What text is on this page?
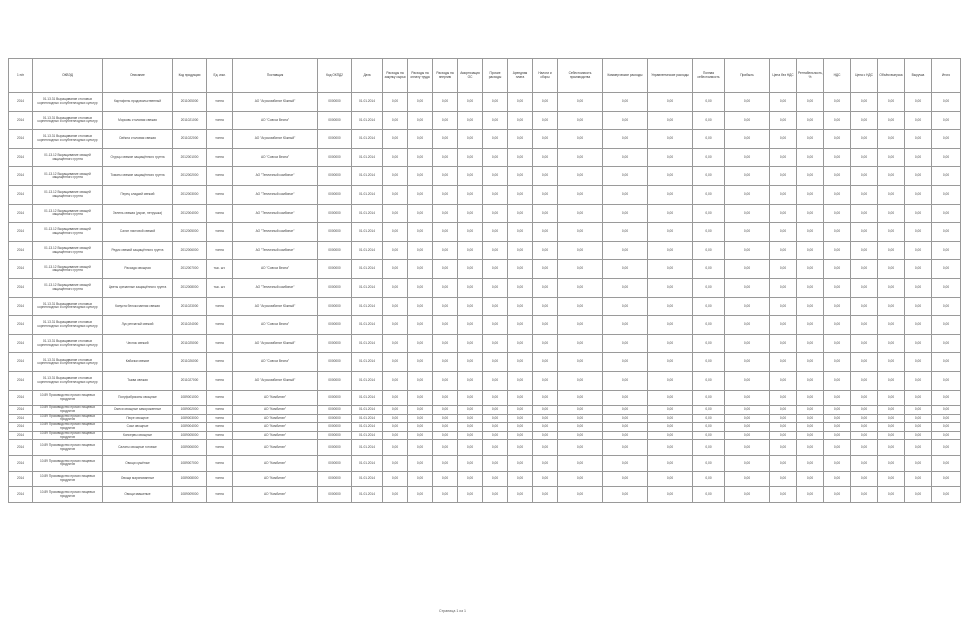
1 п/п	ОКВЭД	Описание	Код продукции	Ед. изм.	Поставщик	Код ОКПД2	Дата	Расходы на закупку сырья	Расходы на оплату труда	Расходы на энергию	Амортизация ОС	Прочие расходы	Арендная плата	Налоги и сборы	Себестоимость производства	Коммерческие расходы	Управленческие расходы	Полная себестоимость	Прибыль	Цена без НДС	Рентабельность, %	НДС	Цена с НДС	Объём выпуска	Выручка	Итого
2014	01.13.31 Выращивание столовых корнеплодных и клубнеплодных культур	Картофель продовольственный	2011005000	тонна	АО "Агрокомбинат Южный"	0000000	01.01.2014	0,00	0,00	0,00	0,00	0,00	0,00	0,00	0,00	0,00	0,00	0,00	0,00	0,00	0,00	0,00	0,00	0,00	0,00	0,00
2014	01.13.31 Выращивание столовых корнеплодных и клубнеплодных культур	Морковь столовая свежая	2011021000	тонна	АО "Совхоз Весна"	0000000	01.01.2014	0,00	0,00	0,00	0,00	0,00	0,00	0,00	0,00	0,00	0,00	0,00	0,00	0,00	0,00	0,00	0,00	0,00	0,00	0,00
2014	01.13.31 Выращивание столовых корнеплодных и клубнеплодных культур	Свёкла столовая свежая	2011022000	тонна	АО "Агрокомбинат Южный"	0000000	01.01.2014	0,00	0,00	0,00	0,00	0,00	0,00	0,00	0,00	0,00	0,00	0,00	0,00	0,00	0,00	0,00	0,00	0,00	0,00	0,00
2014	01.13.12 Выращивание овощей защищённого грунта	Огурцы свежие защищённого грунта	2012001000	тонна	АО "Совхоз Весна"	0000000	01.01.2014	0,00	0,00	0,00	0,00	0,00	0,00	0,00	0,00	0,00	0,00	0,00	0,00	0,00	0,00	0,00	0,00	0,00	0,00	0,00
2014	01.13.12 Выращивание овощей защищённого грунта	Томаты свежие защищённого грунта	2012002000	тонна	АО "Тепличный комбинат"	0000000	01.01.2014	0,00	0,00	0,00	0,00	0,00	0,00	0,00	0,00	0,00	0,00	0,00	0,00	0,00	0,00	0,00	0,00	0,00	0,00	0,00
2014	01.13.12 Выращивание овощей защищённого грунта	Перец сладкий свежий	2012003000	тонна	АО "Тепличный комбинат"	0000000	01.01.2014	0,00	0,00	0,00	0,00	0,00	0,00	0,00	0,00	0,00	0,00	0,00	0,00	0,00	0,00	0,00	0,00	0,00	0,00	0,00
2014	01.13.12 Выращивание овощей защищённого грунта	Зелень свежая (укроп, петрушка)	2012004000	тонна	АО "Тепличный комбинат"	0000000	01.01.2014	0,00	0,00	0,00	0,00	0,00	0,00	0,00	0,00	0,00	0,00	0,00	0,00	0,00	0,00	0,00	0,00	0,00	0,00	0,00
2014	01.13.12 Выращивание овощей защищённого грунта	Салат листовой свежий	2012005000	тонна	АО "Тепличный комбинат"	0000000	01.01.2014	0,00	0,00	0,00	0,00	0,00	0,00	0,00	0,00	0,00	0,00	0,00	0,00	0,00	0,00	0,00	0,00	0,00	0,00	0,00
2014	01.13.12 Выращивание овощей защищённого грунта	Редис свежий защищённого грунта	2012006000	тонна	АО "Тепличный комбинат"	0000000	01.01.2014	0,00	0,00	0,00	0,00	0,00	0,00	0,00	0,00	0,00	0,00	0,00	0,00	0,00	0,00	0,00	0,00	0,00	0,00	0,00
2014	01.13.12 Выращивание овощей защищённого грунта	Рассада овощная	2012007000	тыс. шт.	АО "Совхоз Весна"	0000000	01.01.2014	0,00	0,00	0,00	0,00	0,00	0,00	0,00	0,00	0,00	0,00	0,00	0,00	0,00	0,00	0,00	0,00	0,00	0,00	0,00
2014	01.13.12 Выращивание овощей защищённого грунта	Цветы срезанные защищённого грунта	2012008000	тыс. шт.	АО "Тепличный комбинат"	0000000	01.01.2014	0,00	0,00	0,00	0,00	0,00	0,00	0,00	0,00	0,00	0,00	0,00	0,00	0,00	0,00	0,00	0,00	0,00	0,00	0,00
2014	01.13.31 Выращивание столовых корнеплодных и клубнеплодных культур	Капуста белокочанная свежая	2011023000	тонна	АО "Агрокомбинат Южный"	0000000	01.01.2014	0,00	0,00	0,00	0,00	0,00	0,00	0,00	0,00	0,00	0,00	0,00	0,00	0,00	0,00	0,00	0,00	0,00	0,00	0,00
2014	01.13.31 Выращивание столовых корнеплодных и клубнеплодных культур	Лук репчатый свежий	2011024000	тонна	АО "Совхоз Весна"	0000000	01.01.2014	0,00	0,00	0,00	0,00	0,00	0,00	0,00	0,00	0,00	0,00	0,00	0,00	0,00	0,00	0,00	0,00	0,00	0,00	0,00
2014	01.13.31 Выращивание столовых корнеплодных и клубнеплодных культур	Чеснок свежий	2011025000	тонна	АО "Агрокомбинат Южный"	0000000	01.01.2014	0,00	0,00	0,00	0,00	0,00	0,00	0,00	0,00	0,00	0,00	0,00	0,00	0,00	0,00	0,00	0,00	0,00	0,00	0,00
2014	01.13.31 Выращивание столовых корнеплодных и клубнеплодных культур	Кабачки свежие	2011026000	тонна	АО "Совхоз Весна"	0000000	01.01.2014	0,00	0,00	0,00	0,00	0,00	0,00	0,00	0,00	0,00	0,00	0,00	0,00	0,00	0,00	0,00	0,00	0,00	0,00	0,00
2014	01.13.31 Выращивание столовых корнеплодных и клубнеплодных культур	Тыква свежая	2011027000	тонна	АО "Агрокомбинат Южный"	0000000	01.01.2014	0,00	0,00	0,00	0,00	0,00	0,00	0,00	0,00	0,00	0,00	0,00	0,00	0,00	0,00	0,00	0,00	0,00	0,00	0,00
2014	10.89 Производство прочих пищевых продуктов	Полуфабрикаты овощные	1089001000	тонна	АО "Комбинат"	0000000	01.01.2014	0,00	0,00	0,00	0,00	0,00	0,00	0,00	0,00	0,00	0,00	0,00	0,00	0,00	0,00	0,00	0,00	0,00	0,00	0,00
2014	10.89 Производство прочих пищевых продуктов	Смеси овощные замороженные	1089002000	тонна	АО "Комбинат"	0000000	01.01.2014	0,00	0,00	0,00	0,00	0,00	0,00	0,00	0,00	0,00	0,00	0,00	0,00	0,00	0,00	0,00	0,00	0,00	0,00	0,00
2014	10.89 Производство прочих пищевых продуктов	Пюре овощное	1089003000	тонна	АО "Комбинат"	0000000	01.01.2014	0,00	0,00	0,00	0,00	0,00	0,00	0,00	0,00	0,00	0,00	0,00	0,00	0,00	0,00	0,00	0,00	0,00	0,00	0,00
2014	10.89 Производство прочих пищевых продуктов	Соки овощные	1089004000	тонна	АО "Комбинат"	0000000	01.01.2014	0,00	0,00	0,00	0,00	0,00	0,00	0,00	0,00	0,00	0,00	0,00	0,00	0,00	0,00	0,00	0,00	0,00	0,00	0,00
2014	10.89 Производство прочих пищевых продуктов	Консервы овощные	1089005000	тонна	АО "Комбинат"	0000000	01.01.2014	0,00	0,00	0,00	0,00	0,00	0,00	0,00	0,00	0,00	0,00	0,00	0,00	0,00	0,00	0,00	0,00	0,00	0,00	0,00
2014	10.89 Производство прочих пищевых продуктов	Салаты овощные готовые	1089006000	тонна	АО "Комбинат"	0000000	01.01.2014	0,00	0,00	0,00	0,00	0,00	0,00	0,00	0,00	0,00	0,00	0,00	0,00	0,00	0,00	0,00	0,00	0,00	0,00	0,00
2014	10.89 Производство прочих пищевых продуктов	Овощи сушёные	1089007000	тонна	АО "Комбинат"	0000000	01.01.2014	0,00	0,00	0,00	0,00	0,00	0,00	0,00	0,00	0,00	0,00	0,00	0,00	0,00	0,00	0,00	0,00	0,00	0,00	0,00
2014	10.89 Производство прочих пищевых продуктов	Овощи маринованные	1089008000	тонна	АО "Комбинат"	0000000	01.01.2014	0,00	0,00	0,00	0,00	0,00	0,00	0,00	0,00	0,00	0,00	0,00	0,00	0,00	0,00	0,00	0,00	0,00	0,00	0,00
2014	10.89 Производство прочих пищевых продуктов	Овощи квашеные	1089009000	тонна	АО "Комбинат"	0000000	01.01.2014	0,00	0,00	0,00	0,00	0,00	0,00	0,00	0,00	0,00	0,00	0,00	0,00	0,00	0,00	0,00	0,00	0,00	0,00	0,00
Страница 1 из 1
